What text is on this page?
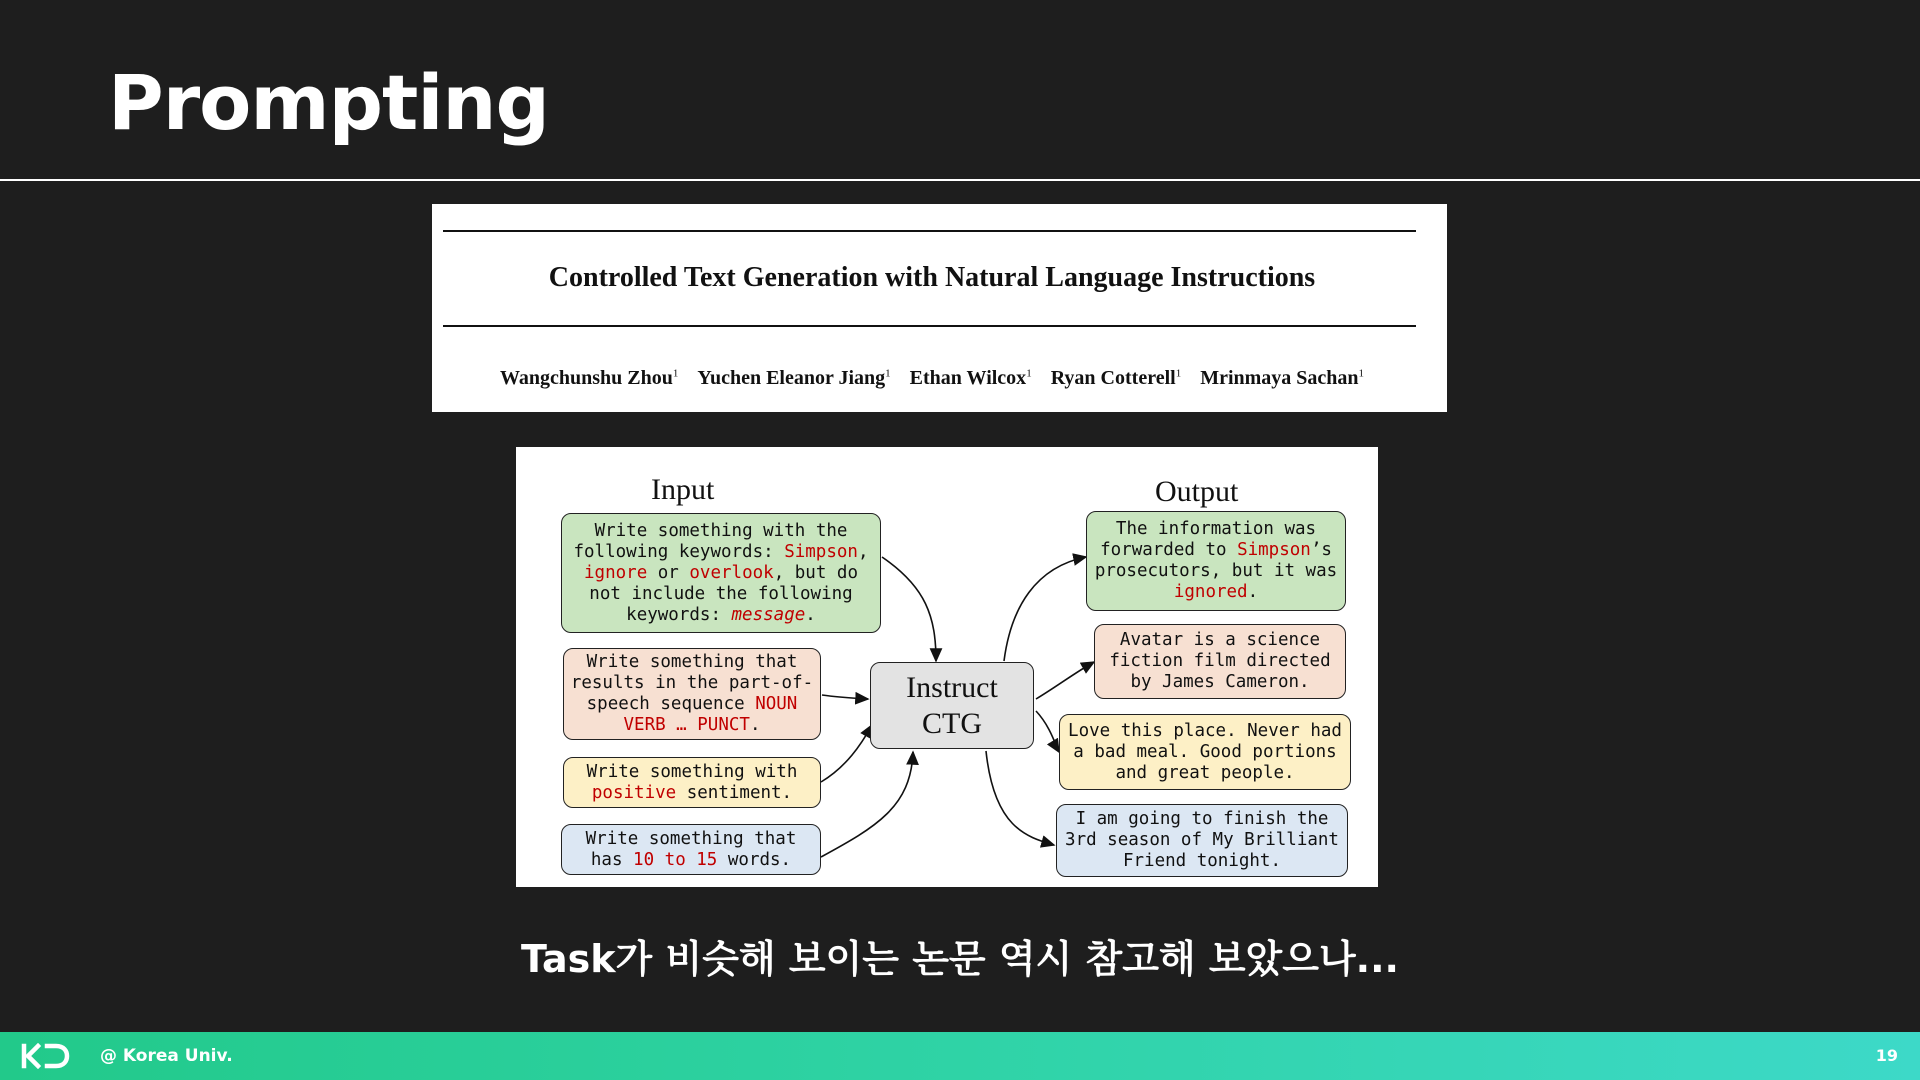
Prompting
Controlled Text Generation with Natural Language Instructions
Wangchunshu Zhou$^1$ Yuchen Eleanor Jiang$^1$ Ethan Wilcox$^1$ Ryan Cotterell$^1$ Mrinmaya Sachan$^1$
Input	Output
Write something with the following keywords: Simpson, ignore or overlook, but do not include the following keywords: message.
Write something that results in the part-of-speech sequence NOUN VERB … PUNCT.
Write something with positive sentiment.
Write something that has 10 to 15 words.
Instruct
CTG
The information was forwarded to Simpson’s prosecutors, but it was ignored.
Avatar is a science fiction film directed by James Cameron.
Love this place. Never had a bad meal. Good portions and great people.
I am going to finish the 3rd season of My Brilliant Friend tonight.
Task가 비슷해 보이는 논문 역시 참고해 보았으나...
@ Korea Univ.	19
